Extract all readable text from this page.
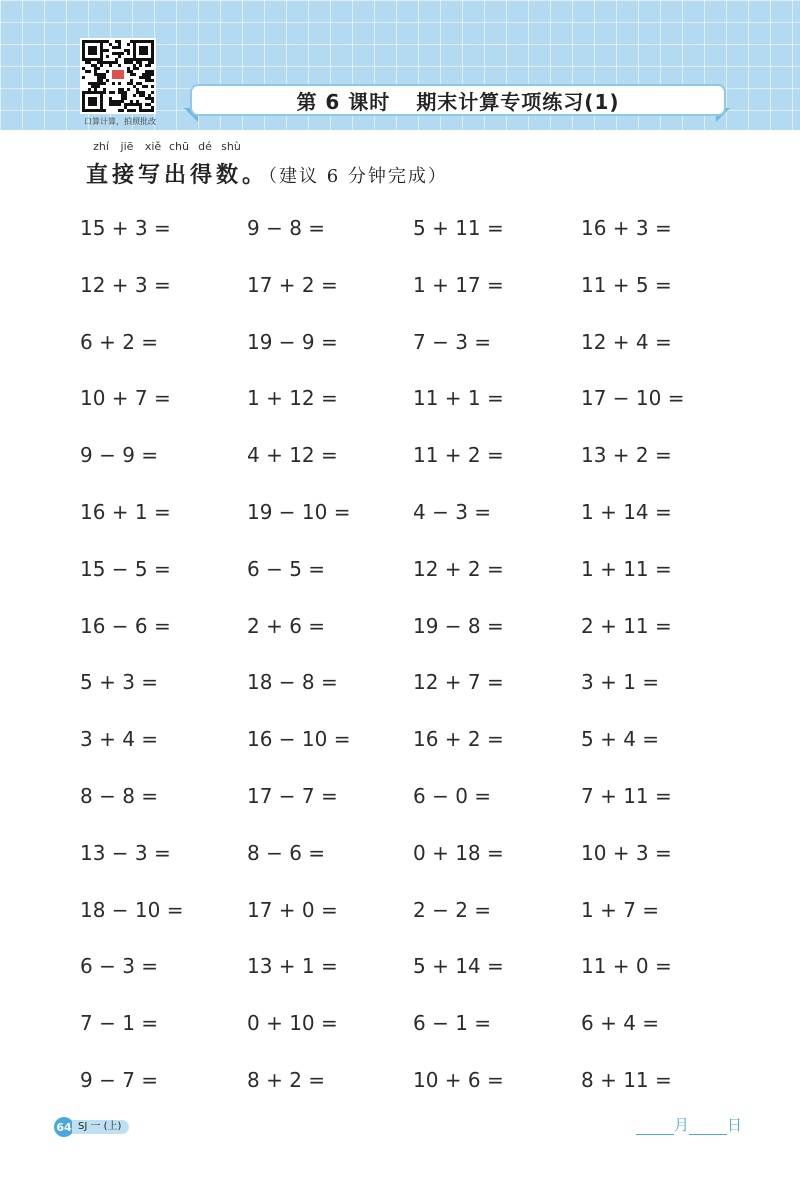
口算计算，拍照批改
第 6 课时 期末计算专项练习(1)
zhí	jiē	xiě chū dé shù
直接写出得数。（建议 6 分钟完成）
15 + 3 =	9 − 8 =	5 + 11 =	16 + 3 =
12 + 3 =	17 + 2 =	1 + 17 =	11 + 5 =
6 + 2 =	19 − 9 =	7 − 3 =	12 + 4 =
10 + 7 =	1 + 12 =	11 + 1 =	17 − 10 =
9 − 9 =	4 + 12 =	11 + 2 =	13 + 2 =
16 + 1 =	19 − 10 =	4 − 3 =	1 + 14 =
15 − 5 =	6 − 5 =	12 + 2 =	1 + 11 =
16 − 6 =	2 + 6 =	19 − 8 =	2 + 11 =
5 + 3 =	18 − 8 =	12 + 7 =	3 + 1 =
3 + 4 =	16 − 10 =	16 + 2 =	5 + 4 =
8 − 8 =	17 − 7 =	6 − 0 =	7 + 11 =
13 − 3 =	8 − 6 =	0 + 18 =	10 + 3 =
18 − 10 =	17 + 0 =	2 − 2 =	1 + 7 =
6 − 3 =	13 + 1 =	5 + 14 =	11 + 0 =
7 − 1 =	0 + 10 =	6 − 1 =	6 + 4 =
9 − 7 =	8 + 2 =	10 + 6 =	8 + 11 =
64 SJ 一 (上)	月	日
